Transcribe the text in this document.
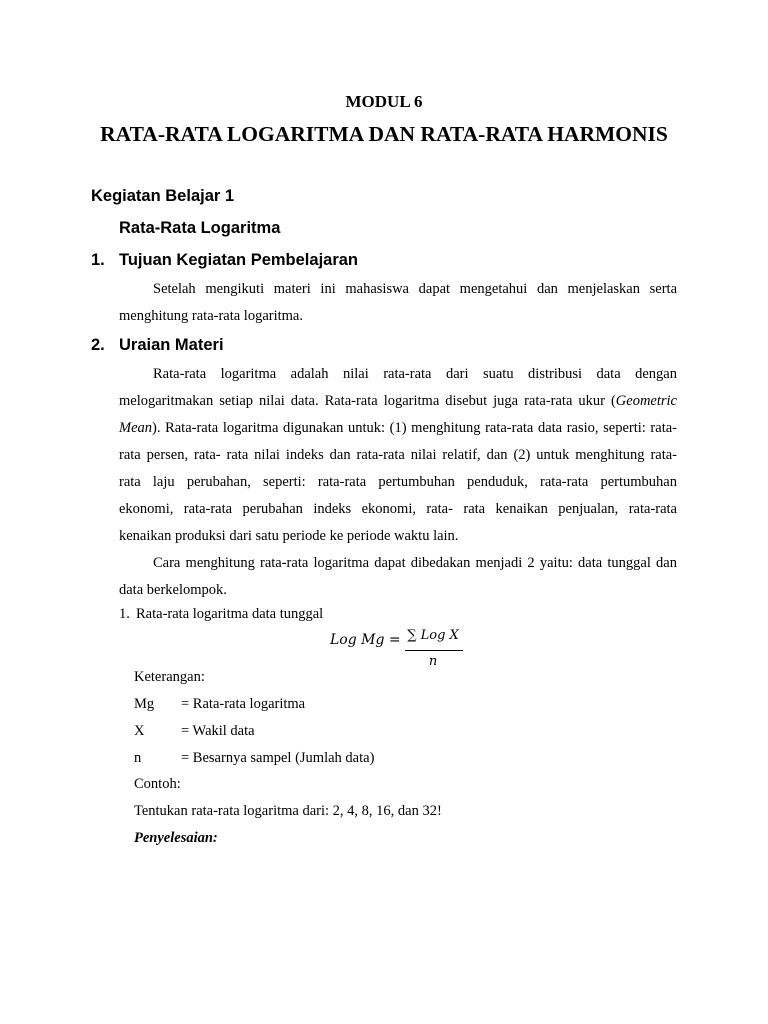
MODUL 6
RATA-RATA LOGARITMA DAN RATA-RATA HARMONIS
Kegiatan Belajar 1
Rata-Rata Logaritma
1. Tujuan Kegiatan Pembelajaran
Setelah mengikuti materi ini mahasiswa dapat mengetahui dan menjelaskan serta
menghitung rata-rata logaritma.
2. Uraian Materi
Rata-rata logaritma adalah nilai rata-rata dari suatu distribusi data dengan
melogaritmakan setiap nilai data. Rata-rata logaritma disebut juga rata-rata ukur (Geometric
Mean). Rata-rata logaritma digunakan untuk: (1) menghitung rata-rata data rasio, seperti: rata-
rata persen, rata- rata nilai indeks dan rata-rata nilai relatif, dan (2) untuk menghitung rata-
rata laju perubahan, seperti: rata-rata pertumbuhan penduduk, rata-rata pertumbuhan
ekonomi, rata-rata perubahan indeks ekonomi, rata- rata kenaikan penjualan, rata-rata
kenaikan produksi dari satu periode ke periode waktu lain.
Cara menghitung rata-rata logaritma dapat dibedakan menjadi 2 yaitu: data tunggal dan
data berkelompok.
1. Rata-rata logaritma data tunggal
Log Mg = ∑ Log X
n
Keterangan:
Mg = Rata-rata logaritma
X	= Wakil data
n	= Besarnya sampel (Jumlah data)
Contoh:
Tentukan rata-rata logaritma dari: 2, 4, 8, 16, dan 32!
Penyelesaian:
